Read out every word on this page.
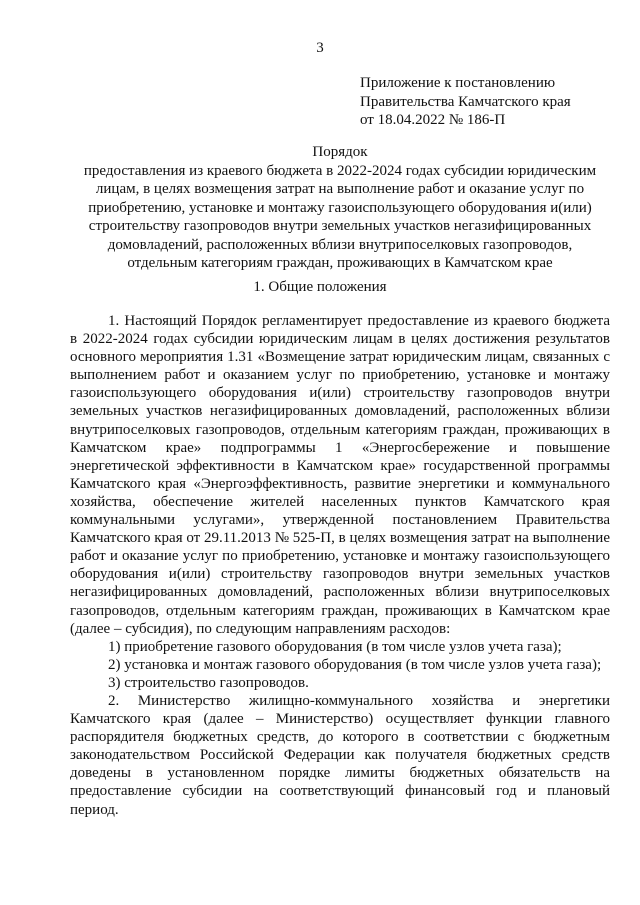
3
Приложение к постановлению
Правительства Камчатского края
от 18.04.2022 № 186-П
Порядок
предоставления из краевого бюджета в 2022-2024 годах субсидии юридическим
лицам, в целях возмещения затрат на выполнение работ и оказание услуг по
приобретению, установке и монтажу газоиспользующего оборудования и(или)
строительству газопроводов внутри земельных участков негазифицированных
домовладений, расположенных вблизи внутрипоселковых газопроводов,
отдельным категориям граждан, проживающих в Камчатском крае
1. Общие положения

1. Настоящий Порядок регламентирует предоставление из краевого бюджета в 2022-2024 годах субсидии юридическим лицам в целях достижения результатов основного мероприятия 1.31 «Возмещение затрат юридическим лицам, связанных с выполнением работ и оказанием услуг по приобретению, установке и монтажу газоиспользующего оборудования и(или) строительству газопроводов внутри земельных участков негазифицированных домовладений, расположенных вблизи внутрипоселковых газопроводов, отдельным категориям граждан, проживающих в Камчатском крае» подпрограммы 1 «Энергосбережение и повышение энергетической эффективности в Камчатском крае» государственной программы Камчатского края «Энергоэффективность, развитие энергетики и коммунального хозяйства, обеспечение жителей населенных пунктов Камчатского края коммунальными услугами», утвержденной постановлением Правительства Камчатского края от 29.11.2013 № 525-П, в целях возмещения затрат на выполнение работ и оказание услуг по приобретению, установке и монтажу газоиспользующего оборудования и(или) строительству газопроводов внутри земельных участков негазифицированных домовладений, расположенных вблизи внутрипоселковых газопроводов, отдельным категориям граждан, проживающих в Камчатском крае (далее – субсидия), по следующим направлениям расходов:

1) приобретение газового оборудования (в том числе узлов учета газа);

2) установка и монтаж газового оборудования (в том числе узлов учета газа);

3) строительство газопроводов.

2. Министерство жилищно-коммунального хозяйства и энергетики Камчатского края (далее – Министерство) осуществляет функции главного распорядителя бюджетных средств, до которого в соответствии с бюджетным законодательством Российской Федерации как получателя бюджетных средств доведены в установленном порядке лимиты бюджетных обязательств на предоставление субсидии на соответствующий финансовый год и плановый период.
